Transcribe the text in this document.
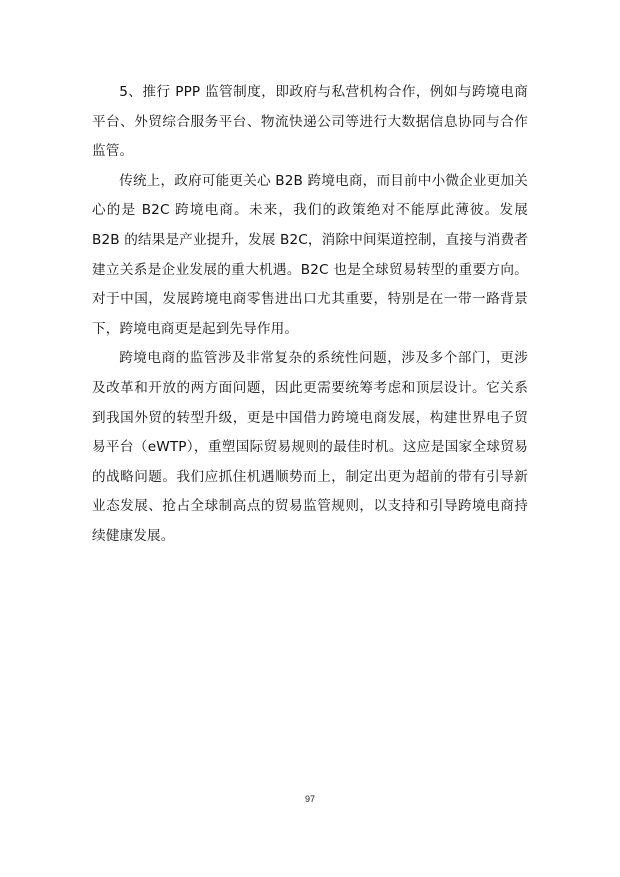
5、推行 PPP 监管制度，即政府与私营机构合作，例如与跨境电商平台、外贸综合服务平台、物流快递公司等进行大数据信息协同与合作监管。

传统上，政府可能更关心 B2B 跨境电商，而目前中小微企业更加关心的是 B2C 跨境电商。未来，我们的政策绝对不能厚此薄彼。发展 B2B 的结果是产业提升，发展 B2C，消除中间渠道控制，直接与消费者建立关系是企业发展的重大机遇。B2C 也是全球贸易转型的重要方向。对于中国，发展跨境电商零售进出口尤其重要，特别是在一带一路背景下，跨境电商更是起到先导作用。

跨境电商的监管涉及非常复杂的系统性问题，涉及多个部门，更涉及改革和开放的两方面问题，因此更需要统筹考虑和顶层设计。它关系到我国外贸的转型升级，更是中国借力跨境电商发展，构建世界电子贸易平台（eWTP），重塑国际贸易规则的最佳时机。这应是国家全球贸易的战略问题。我们应抓住机遇顺势而上，制定出更为超前的带有引导新业态发展、抢占全球制高点的贸易监管规则，以支持和引导跨境电商持续健康发展。

97
